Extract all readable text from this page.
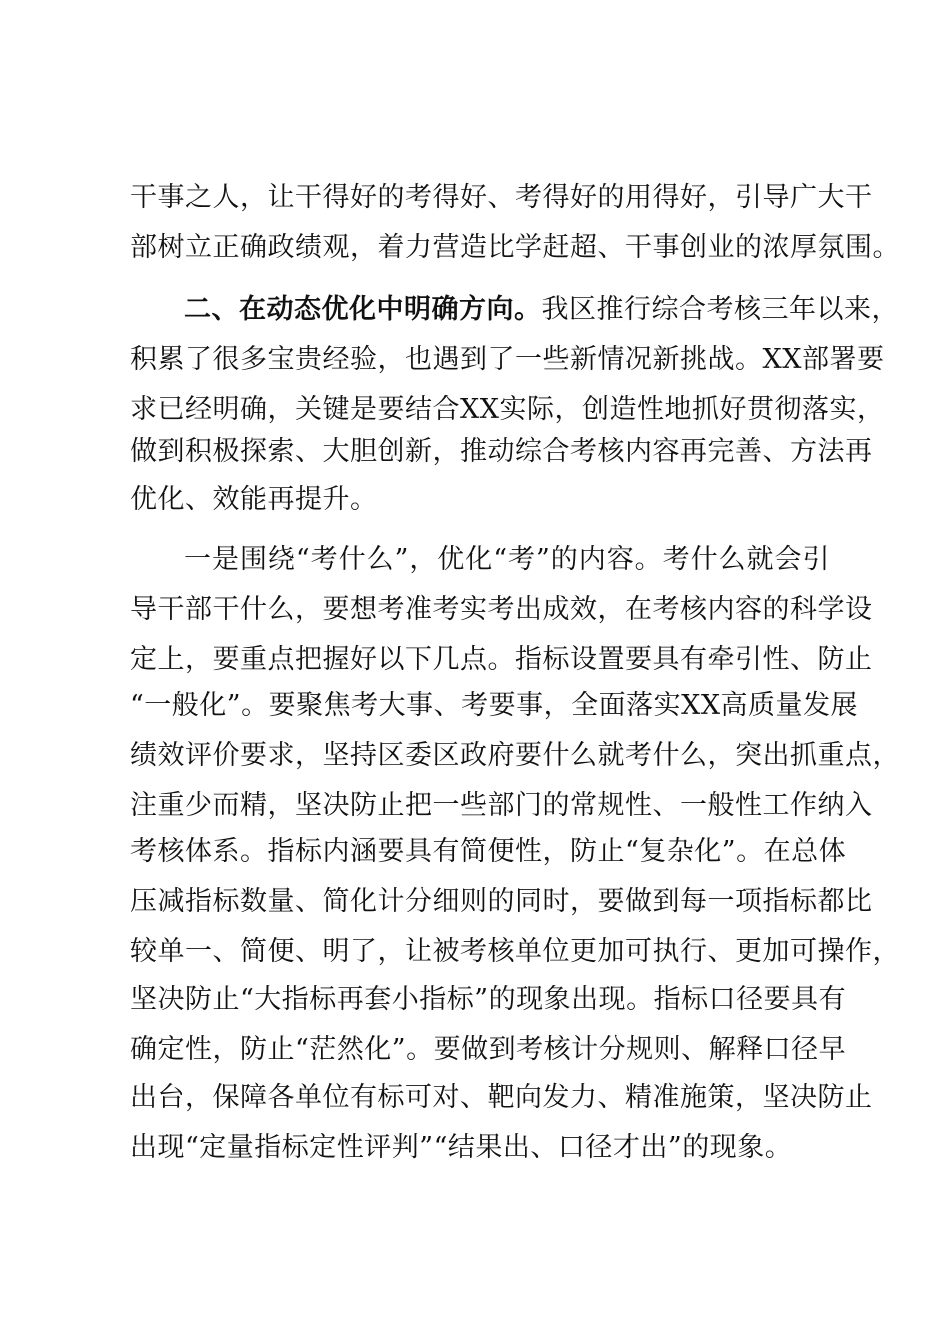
干事之人，让干得好的考得好、考得好的用得好，引导广大干
部树立正确政绩观，着力营造比学赶超、干事创业的浓厚氛围。
二、在动态优化中明确方向。我区推行综合考核三年以来，
积累了很多宝贵经验，也遇到了一些新情况新挑战。XX部署要
求已经明确，关键是要结合XX实际，创造性地抓好贯彻落实，
做到积极探索、大胆创新，推动综合考核内容再完善、方法再
优化、效能再提升。
一是围绕“考什么”，优化“考”的内容。考什么就会引
导干部干什么，要想考准考实考出成效，在考核内容的科学设
定上，要重点把握好以下几点。指标设置要具有牵引性、防止
“一般化”。要聚焦考大事、考要事，全面落实XX高质量发展
绩效评价要求，坚持区委区政府要什么就考什么，突出抓重点，
注重少而精，坚决防止把一些部门的常规性、一般性工作纳入
考核体系。指标内涵要具有简便性，防止“复杂化”。在总体
压减指标数量、简化计分细则的同时，要做到每一项指标都比
较单一、简便、明了，让被考核单位更加可执行、更加可操作，
坚决防止“大指标再套小指标”的现象出现。指标口径要具有
确定性，防止“茫然化”。要做到考核计分规则、解释口径早
出台，保障各单位有标可对、靶向发力、精准施策，坚决防止
出现“定量指标定性评判”“结果出、口径才出”的现象。
